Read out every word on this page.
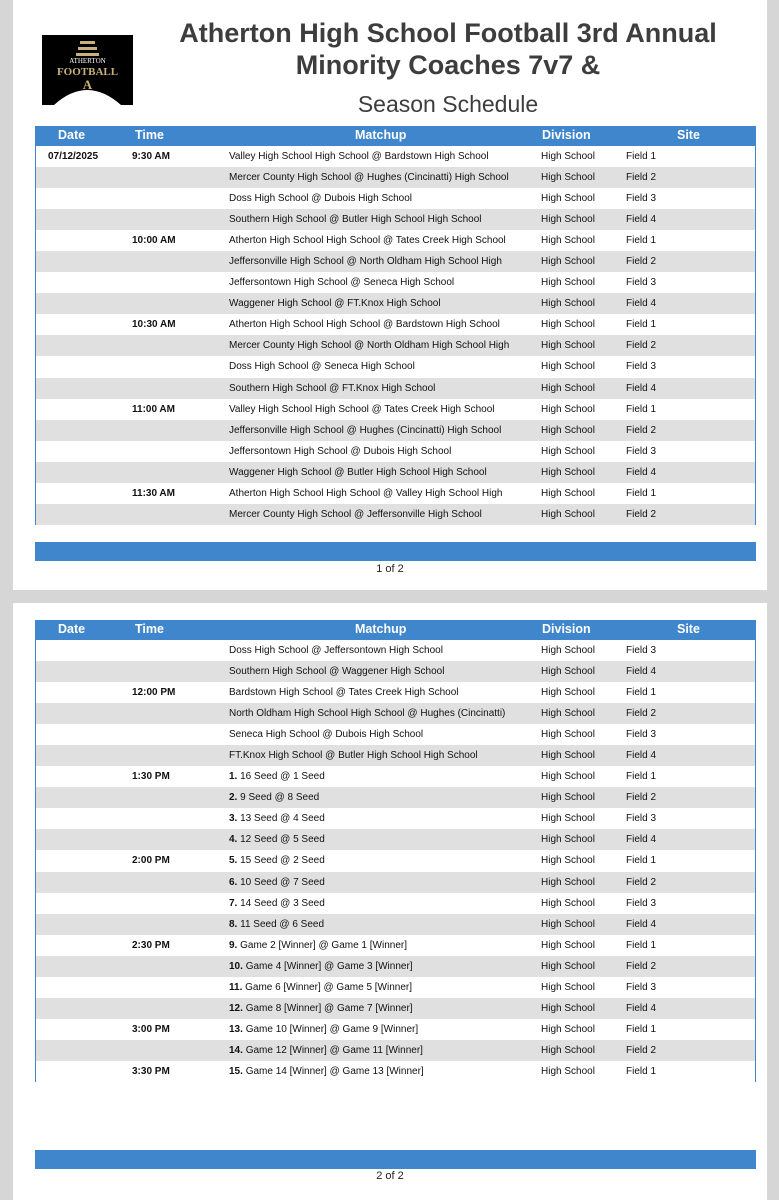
ATHERTON
FOOTBALL
A
Atherton High School Football 3rd Annual
Minority Coaches 7v7 &
Season Schedule
Date	Time	Matchup	Division	Site
07/12/2025	9:30 AM	Valley High School High School @ Bardstown High School	High School	Field 1
Mercer County High School @ Hughes (Cincinatti) High School	High School	Field 2
Doss High School @ Dubois High School	High School	Field 3
Southern High School @ Butler High School High School	High School	Field 4
10:00 AM	Atherton High School High School @ Tates Creek High School	High School	Field 1
Jeffersonville High School @ North Oldham High School High	High School	Field 2
Jeffersontown High School @ Seneca High School	High School	Field 3
Waggener High School @ FT.Knox High School	High School	Field 4
10:30 AM	Atherton High School High School @ Bardstown High School	High School	Field 1
Mercer County High School @ North Oldham High School High	High School	Field 2
Doss High School @ Seneca High School	High School	Field 3
Southern High School @ FT.Knox High School	High School	Field 4
11:00 AM	Valley High School High School @ Tates Creek High School	High School	Field 1
Jeffersonville High School @ Hughes (Cincinatti) High School	High School	Field 2
Jeffersontown High School @ Dubois High School	High School	Field 3
Waggener High School @ Butler High School High School	High School	Field 4
11:30 AM	Atherton High School High School @ Valley High School High	High School	Field 1
Mercer County High School @ Jeffersonville High School	High School	Field 2
1 of 2
Date	Time	Matchup	Division	Site
Doss High School @ Jeffersontown High School	High School	Field 3
Southern High School @ Waggener High School	High School	Field 4
12:00 PM	Bardstown High School @ Tates Creek High School	High School	Field 1
North Oldham High School High School @ Hughes (Cincinatti)	High School	Field 2
Seneca High School @ Dubois High School	High School	Field 3
FT.Knox High School @ Butler High School High School	High School	Field 4
1:30 PM	1. 16 Seed @ 1 Seed	High School	Field 1
2. 9 Seed @ 8 Seed	High School	Field 2
3. 13 Seed @ 4 Seed	High School	Field 3
4. 12 Seed @ 5 Seed	High School	Field 4
2:00 PM	5. 15 Seed @ 2 Seed	High School	Field 1
6. 10 Seed @ 7 Seed	High School	Field 2
7. 14 Seed @ 3 Seed	High School	Field 3
8. 11 Seed @ 6 Seed	High School	Field 4
2:30 PM	9. Game 2 [Winner] @ Game 1 [Winner]	High School	Field 1
10. Game 4 [Winner] @ Game 3 [Winner]	High School	Field 2
11. Game 6 [Winner] @ Game 5 [Winner]	High School	Field 3
12. Game 8 [Winner] @ Game 7 [Winner]	High School	Field 4
3:00 PM	13. Game 10 [Winner] @ Game 9 [Winner]	High School	Field 1
14. Game 12 [Winner] @ Game 11 [Winner]	High School	Field 2
3:30 PM	15. Game 14 [Winner] @ Game 13 [Winner]	High School	Field 1
2 of 2
